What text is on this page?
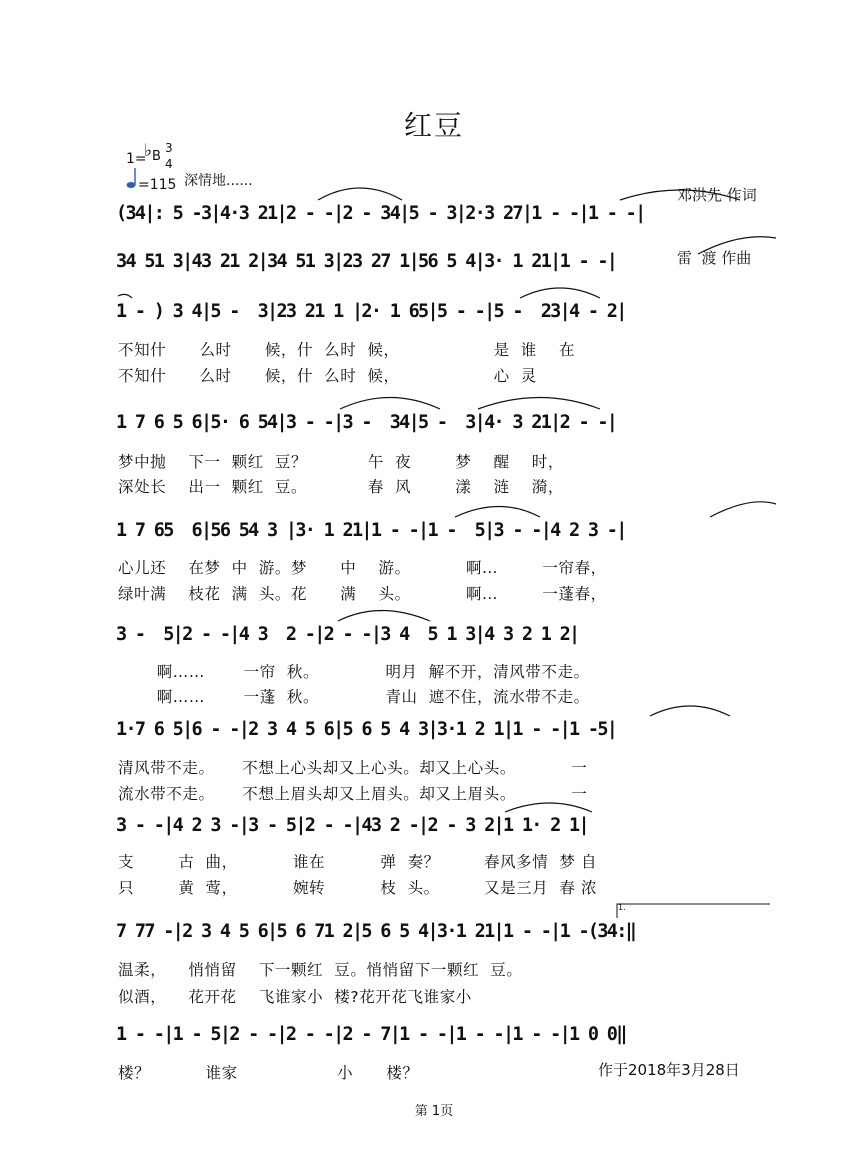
红豆
1=
♭ B
3
4
=115 深情地......

邓洪先 作词

雷  渡 作曲

(34|: 5 -3|4·3 21|2 - -|2 - 34|5 - 3|2·3 27|1 - -|1 - -|
34 51 3|43 21 2|34 51 3|23 27 1|56 5 4|3· 1 21|1 - -|
1 - ) 3 4|5 -  3|23 21 1 |2· 1 65|5 - -|5 -  23|4 - 2|
不知什      么时      候，什  么时  候，                 是  谁    在
不知什      么时      候，什  么时  候，                 心  灵
1 7 6 5 6|5· 6 54|3 - -|3 -  34|5 -  3|4· 3 21|2 - -|
梦中抛    下一  颗红  豆？           午  夜        梦    醒    时，
深处长    出一  颗红  豆。           春  风        漾    涟    漪，
1 7 65  6|56 54 3 |3· 1 21|1 - -|1 -  5|3 - -|4 2 3 -|
心儿还    在梦  中  游。梦      中    游。          啊…        一帘春，
绿叶满    枝花  满  头。花      满    头。          啊…        一蓬春，
3 -  5|2 - -|4 3  2 -|2 - -|3 4  5 1 3|4 3 2 1 2|
啊……       一帘  秋。            明月  解不开，清风带不走。
啊……       一蓬  秋。            青山  遮不住，流水带不走。
1·7 6 5|6 - -|2 3 4 5 6|5 6 5 4 3|3·1 2 1|1 - -|1 -5|
清风带不走。     不想上心头却又上心头。却又上心头。          一
流水带不走。     不想上眉头却又上眉头。却又上眉头。          一
3 - -|4 2 3 -|3 - 5|2 - -|43 2 -|2 - 3 2|1 1· 2 1|
支        古  曲，          谁在          弹  奏？        春风多情  梦 自
只        黄  莺，          婉转          枝  头。        又是三月  春 浓
7 77 -|2 3 4 5 6|5 6 71 2|5 6 5 4|3·1 21|1 - -|1 -(34:‖
1.
温柔，    悄悄留    下一颗红  豆。悄悄留下一颗红  豆。
似酒，    花开花    飞谁家小  楼?花开花飞谁家小
1 - -|1 - 5|2 - -|2 - -|2 - 7|1 - -|1 - -|1 - -|1 0 0‖
楼？          谁家                  小      楼？	作于2018年3月28日
第 1页
